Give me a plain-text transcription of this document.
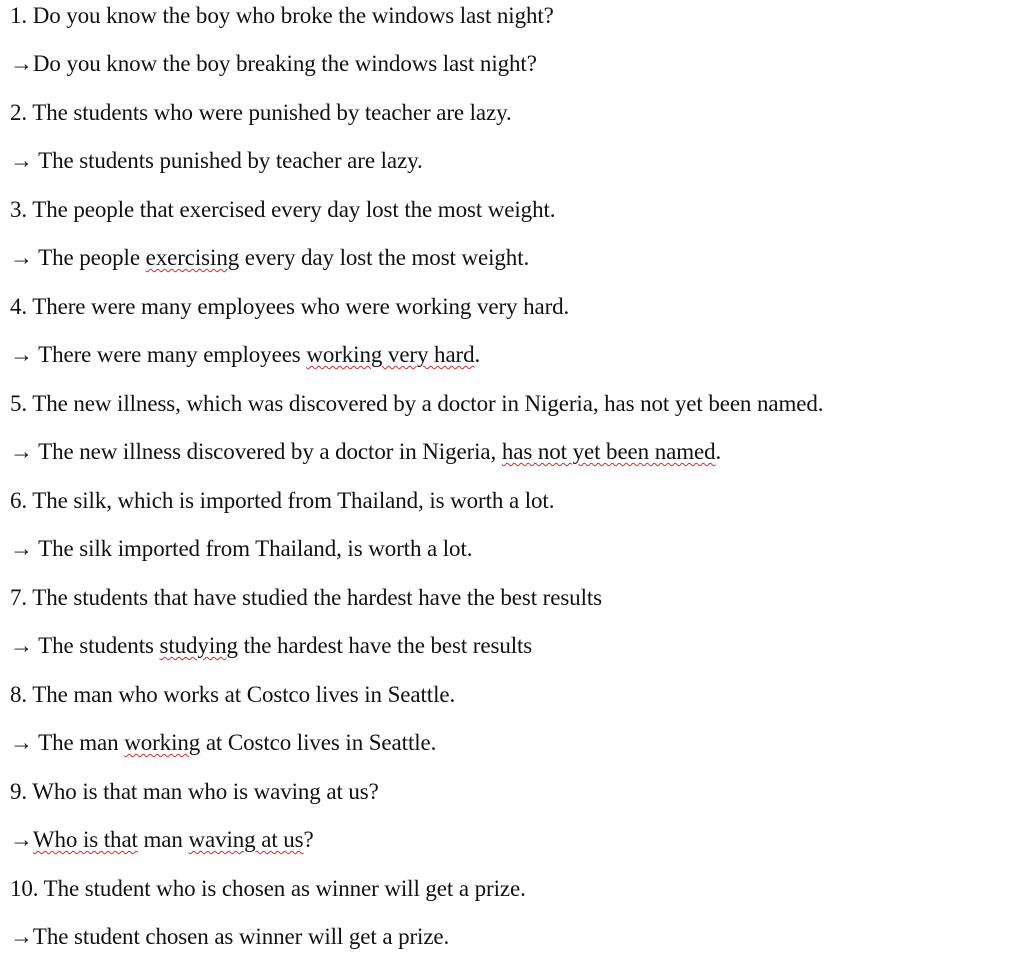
1. Do you know the boy who broke the windows last night?
→Do you know the boy breaking the windows last night?
2. The students who were punished by teacher are lazy.
→ The students punished by teacher are lazy.
3. The people that exercised every day lost the most weight.
→ The people exercising every day lost the most weight.
4. There were many employees who were working very hard.
→ There were many employees working very hard.
5. The new illness, which was discovered by a doctor in Nigeria, has not yet been named.
→ The new illness discovered by a doctor in Nigeria, has not yet been named.
6. The silk, which is imported from Thailand, is worth a lot.
→ The silk imported from Thailand, is worth a lot.
7. The students that have studied the hardest have the best results
→ The students studying the hardest have the best results
8. The man who works at Costco lives in Seattle.
→ The man working at Costco lives in Seattle.
9. Who is that man who is waving at us?
→Who is that man waving at us?
10. The student who is chosen as winner will get a prize.
→The student chosen as winner will get a prize.
